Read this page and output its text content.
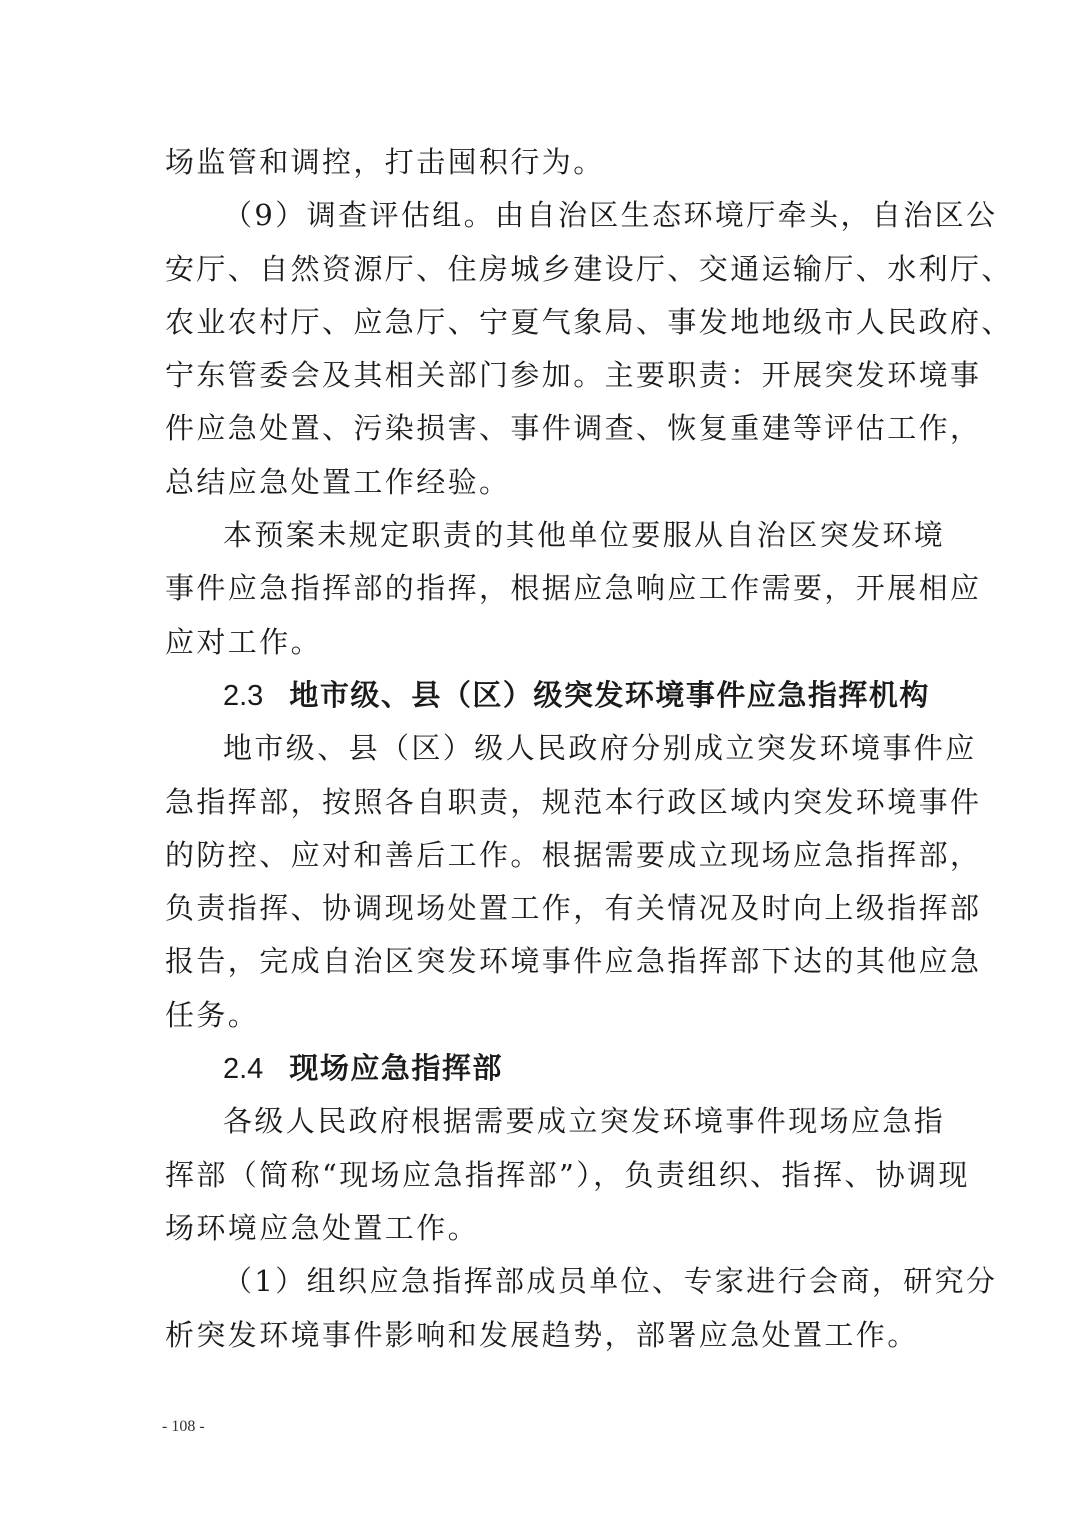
场监管和调控，打击囤积行为。
（9）调查评估组。由自治区生态环境厅牵头，自治区公
安厅、自然资源厅、住房城乡建设厅、交通运输厅、水利厅、
农业农村厅、应急厅、宁夏气象局、事发地地级市人民政府、
宁东管委会及其相关部门参加。主要职责：开展突发环境事
件应急处置、污染损害、事件调查、恢复重建等评估工作，
总结应急处置工作经验。
本预案未规定职责的其他单位要服从自治区突发环境
事件应急指挥部的指挥，根据应急响应工作需要，开展相应
应对工作。
2.3 地市级、县（区）级突发环境事件应急指挥机构
地市级、县（区）级人民政府分别成立突发环境事件应
急指挥部，按照各自职责，规范本行政区域内突发环境事件
的防控、应对和善后工作。根据需要成立现场应急指挥部，
负责指挥、协调现场处置工作，有关情况及时向上级指挥部
报告，完成自治区突发环境事件应急指挥部下达的其他应急
任务。
2.4 现场应急指挥部
各级人民政府根据需要成立突发环境事件现场应急指
挥部（简称“现场应急指挥部”），负责组织、指挥、协调现
场环境应急处置工作。
（1）组织应急指挥部成员单位、专家进行会商，研究分
析突发环境事件影响和发展趋势，部署应急处置工作。
- 108 -
